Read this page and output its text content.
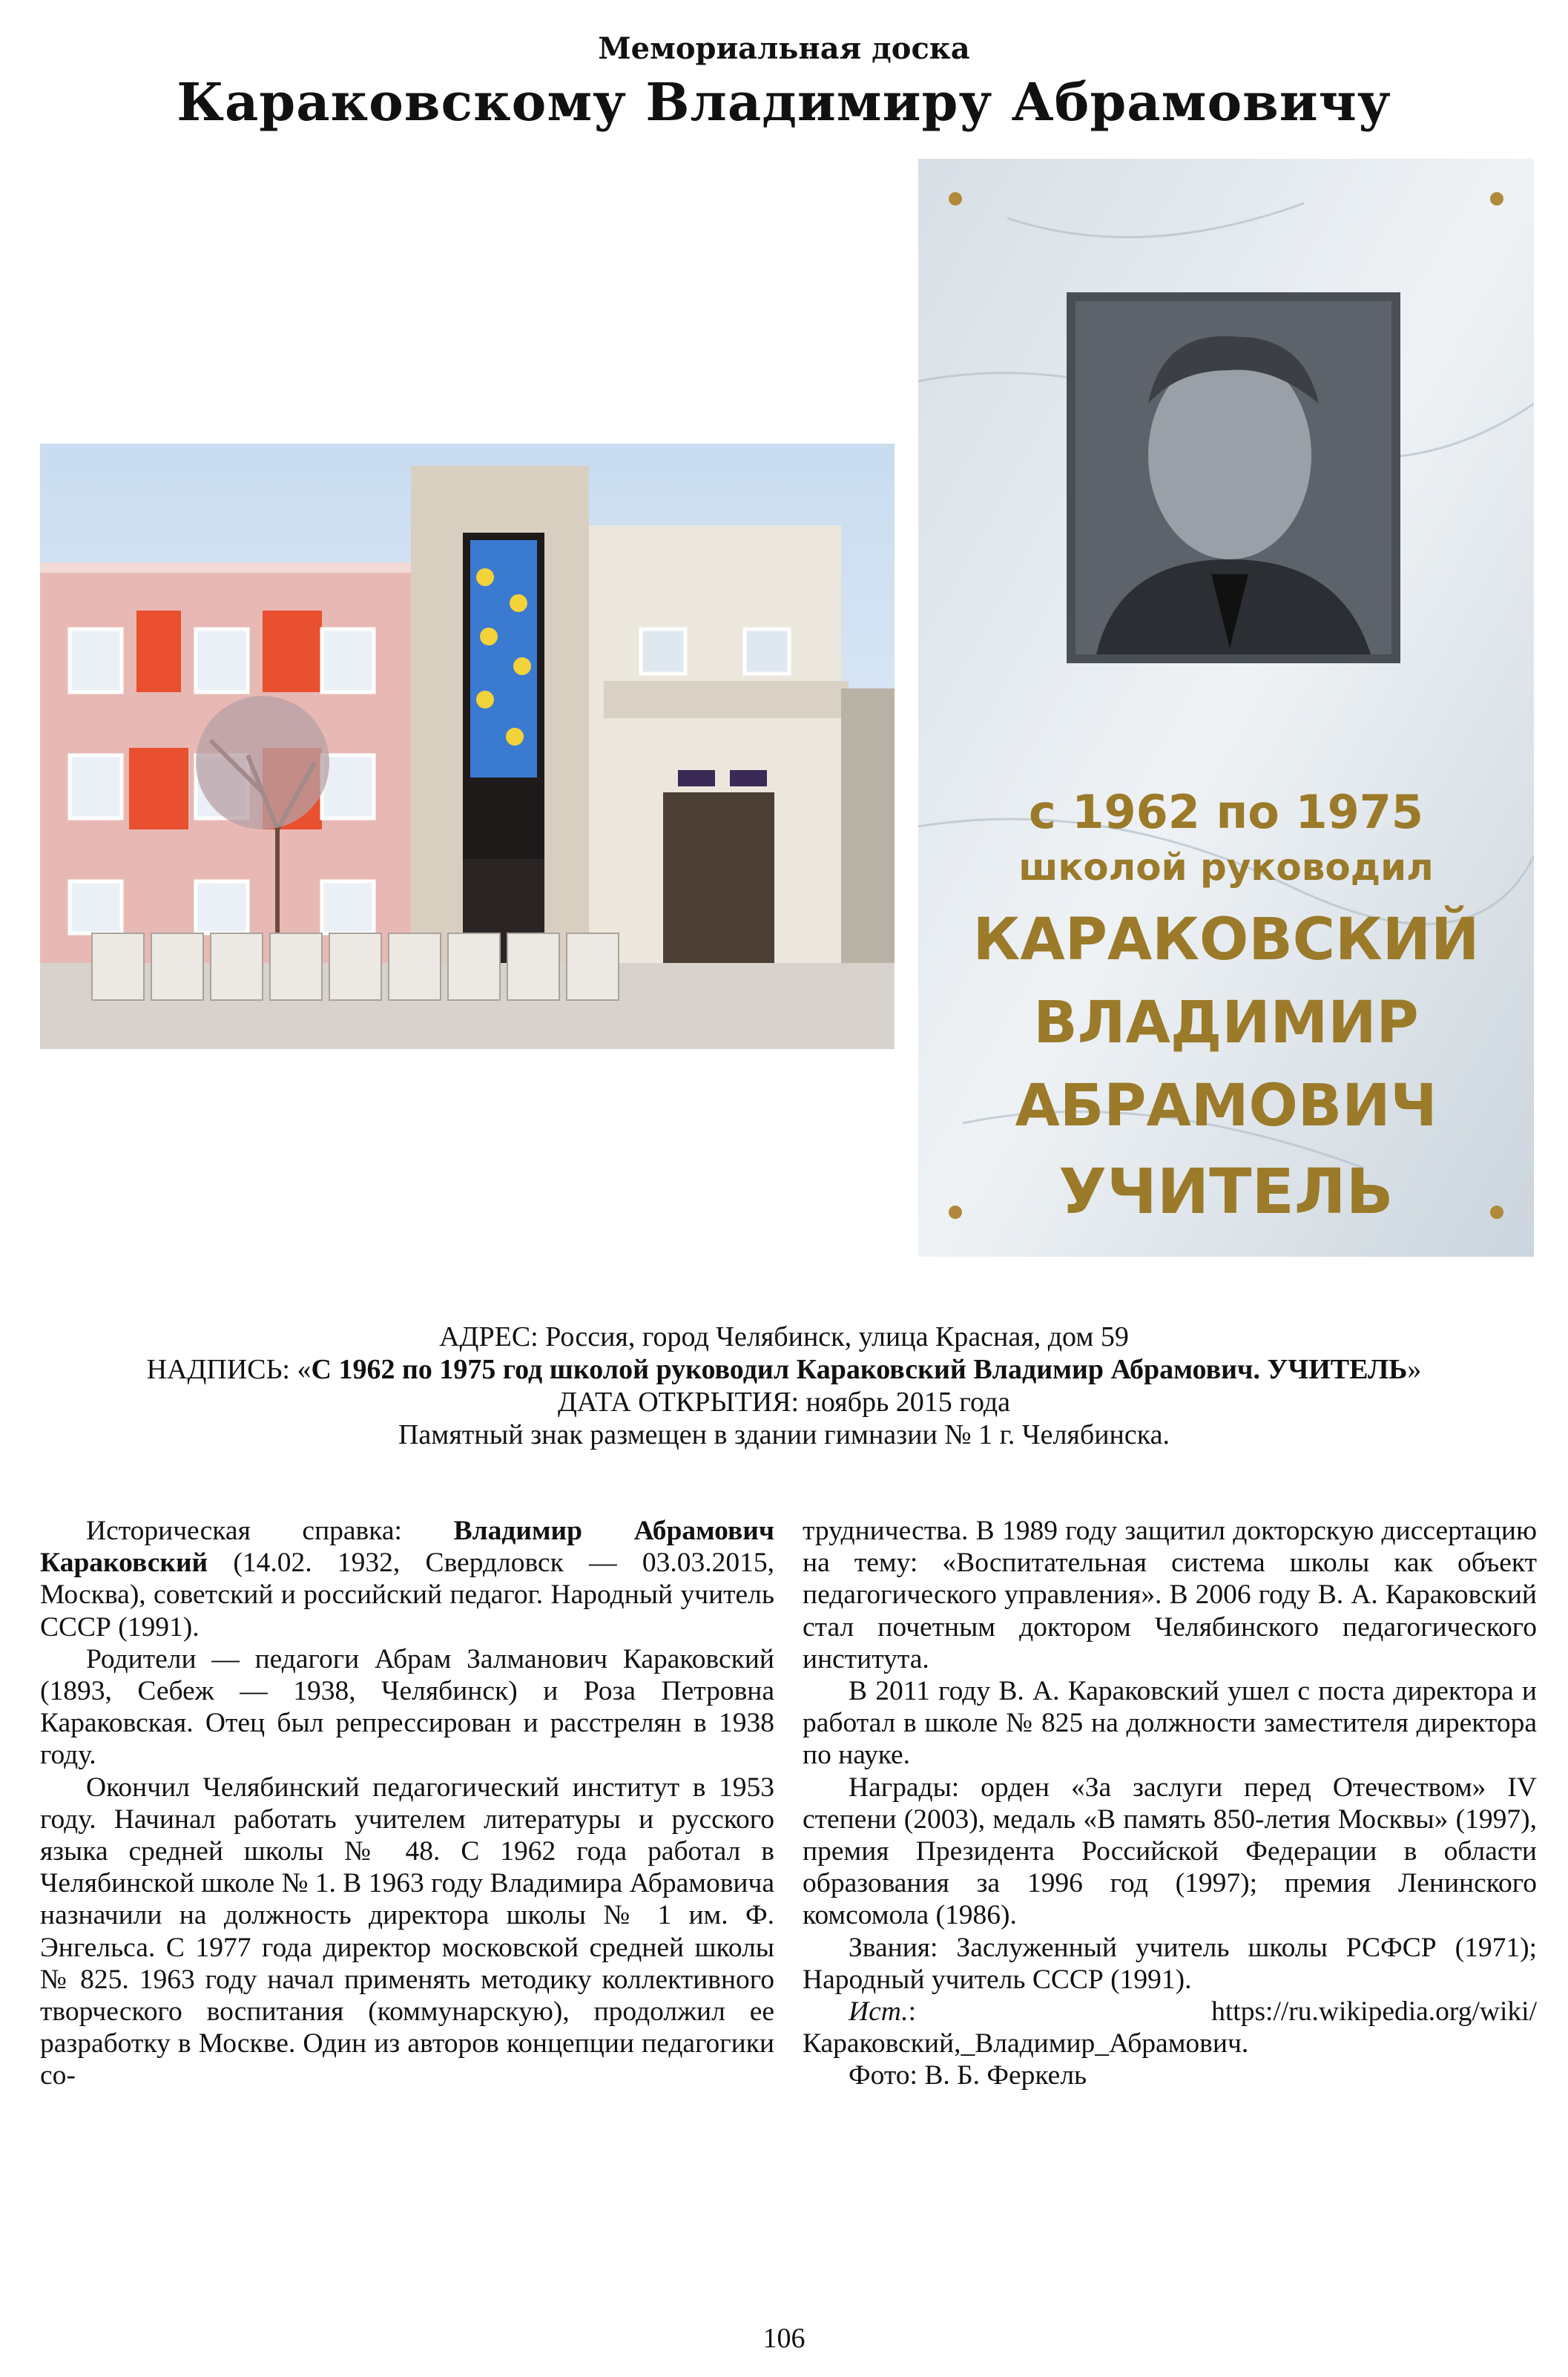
Мемориальная доска
Караковскому Владимиру Абрамовичу
с 1962 по 1975
школой руководил
КАРАКОВСКИЙ
ВЛАДИМИР
АБРАМОВИЧ
УЧИТЕЛЬ
АДРЕС: Россия, город Челябинск, улица Красная, дом 59
НАДПИСЬ: «С 1962 по 1975 год школой руководил Караковский Владимир Абрамович. УЧИТЕЛЬ»
ДАТА ОТКРЫТИЯ: ноябрь 2015 года
Памятный знак размещен в здании гимназии № 1 г. Челябинска.

Историческая справка: Владимир Абрамович Караковский (14.02. 1932, Свердловск — 03.03.2015, Москва), советский и российский педагог. Народный учитель СССР (1991).

Родители — педагоги Абрам Залманович Караковский (1893, Себеж — 1938, Челябинск) и Роза Петровна Караковская. Отец был репрессирован и расстрелян в 1938 году.

Окончил Челябинский педагогический институт в 1953 году. Начинал работать учителем литературы и русского языка средней школы № 48. С 1962 года работал в Челябинской школе № 1. В 1963 году Владимира Абрамовича назначили на должность директора школы № 1 им. Ф. Энгельса. С 1977 года директор московской средней школы № 825. 1963 году начал применять методику коллективного творческого воспитания (коммунарскую), продолжил ее разработку в Москве. Один из авторов концепции педагогики со-

трудничества. В 1989 году защитил докторскую диссертацию на тему: «Воспитательная система школы как объект педагогического управления». В 2006 году В. А. Караковский стал почетным доктором Челябинского педагогического института.

В 2011 году В. А. Караковский ушел с поста директора и работал в школе № 825 на должности заместителя директора по науке.

Награды: орден «За заслуги перед Отечеством» IV степени (2003), медаль «В память 850-летия Москвы» (1997), премия Президента Российской Федерации в области образования за 1996 год (1997); премия Ленинского комсомола (1986).

Звания: Заслуженный учитель школы РСФСР (1971); Народный учитель СССР (1991).

Ист.: https://ru.wikipedia.org/wiki/Караковский,_Владимир_Абрамович.

Фото: В. Б. Феркель

106
